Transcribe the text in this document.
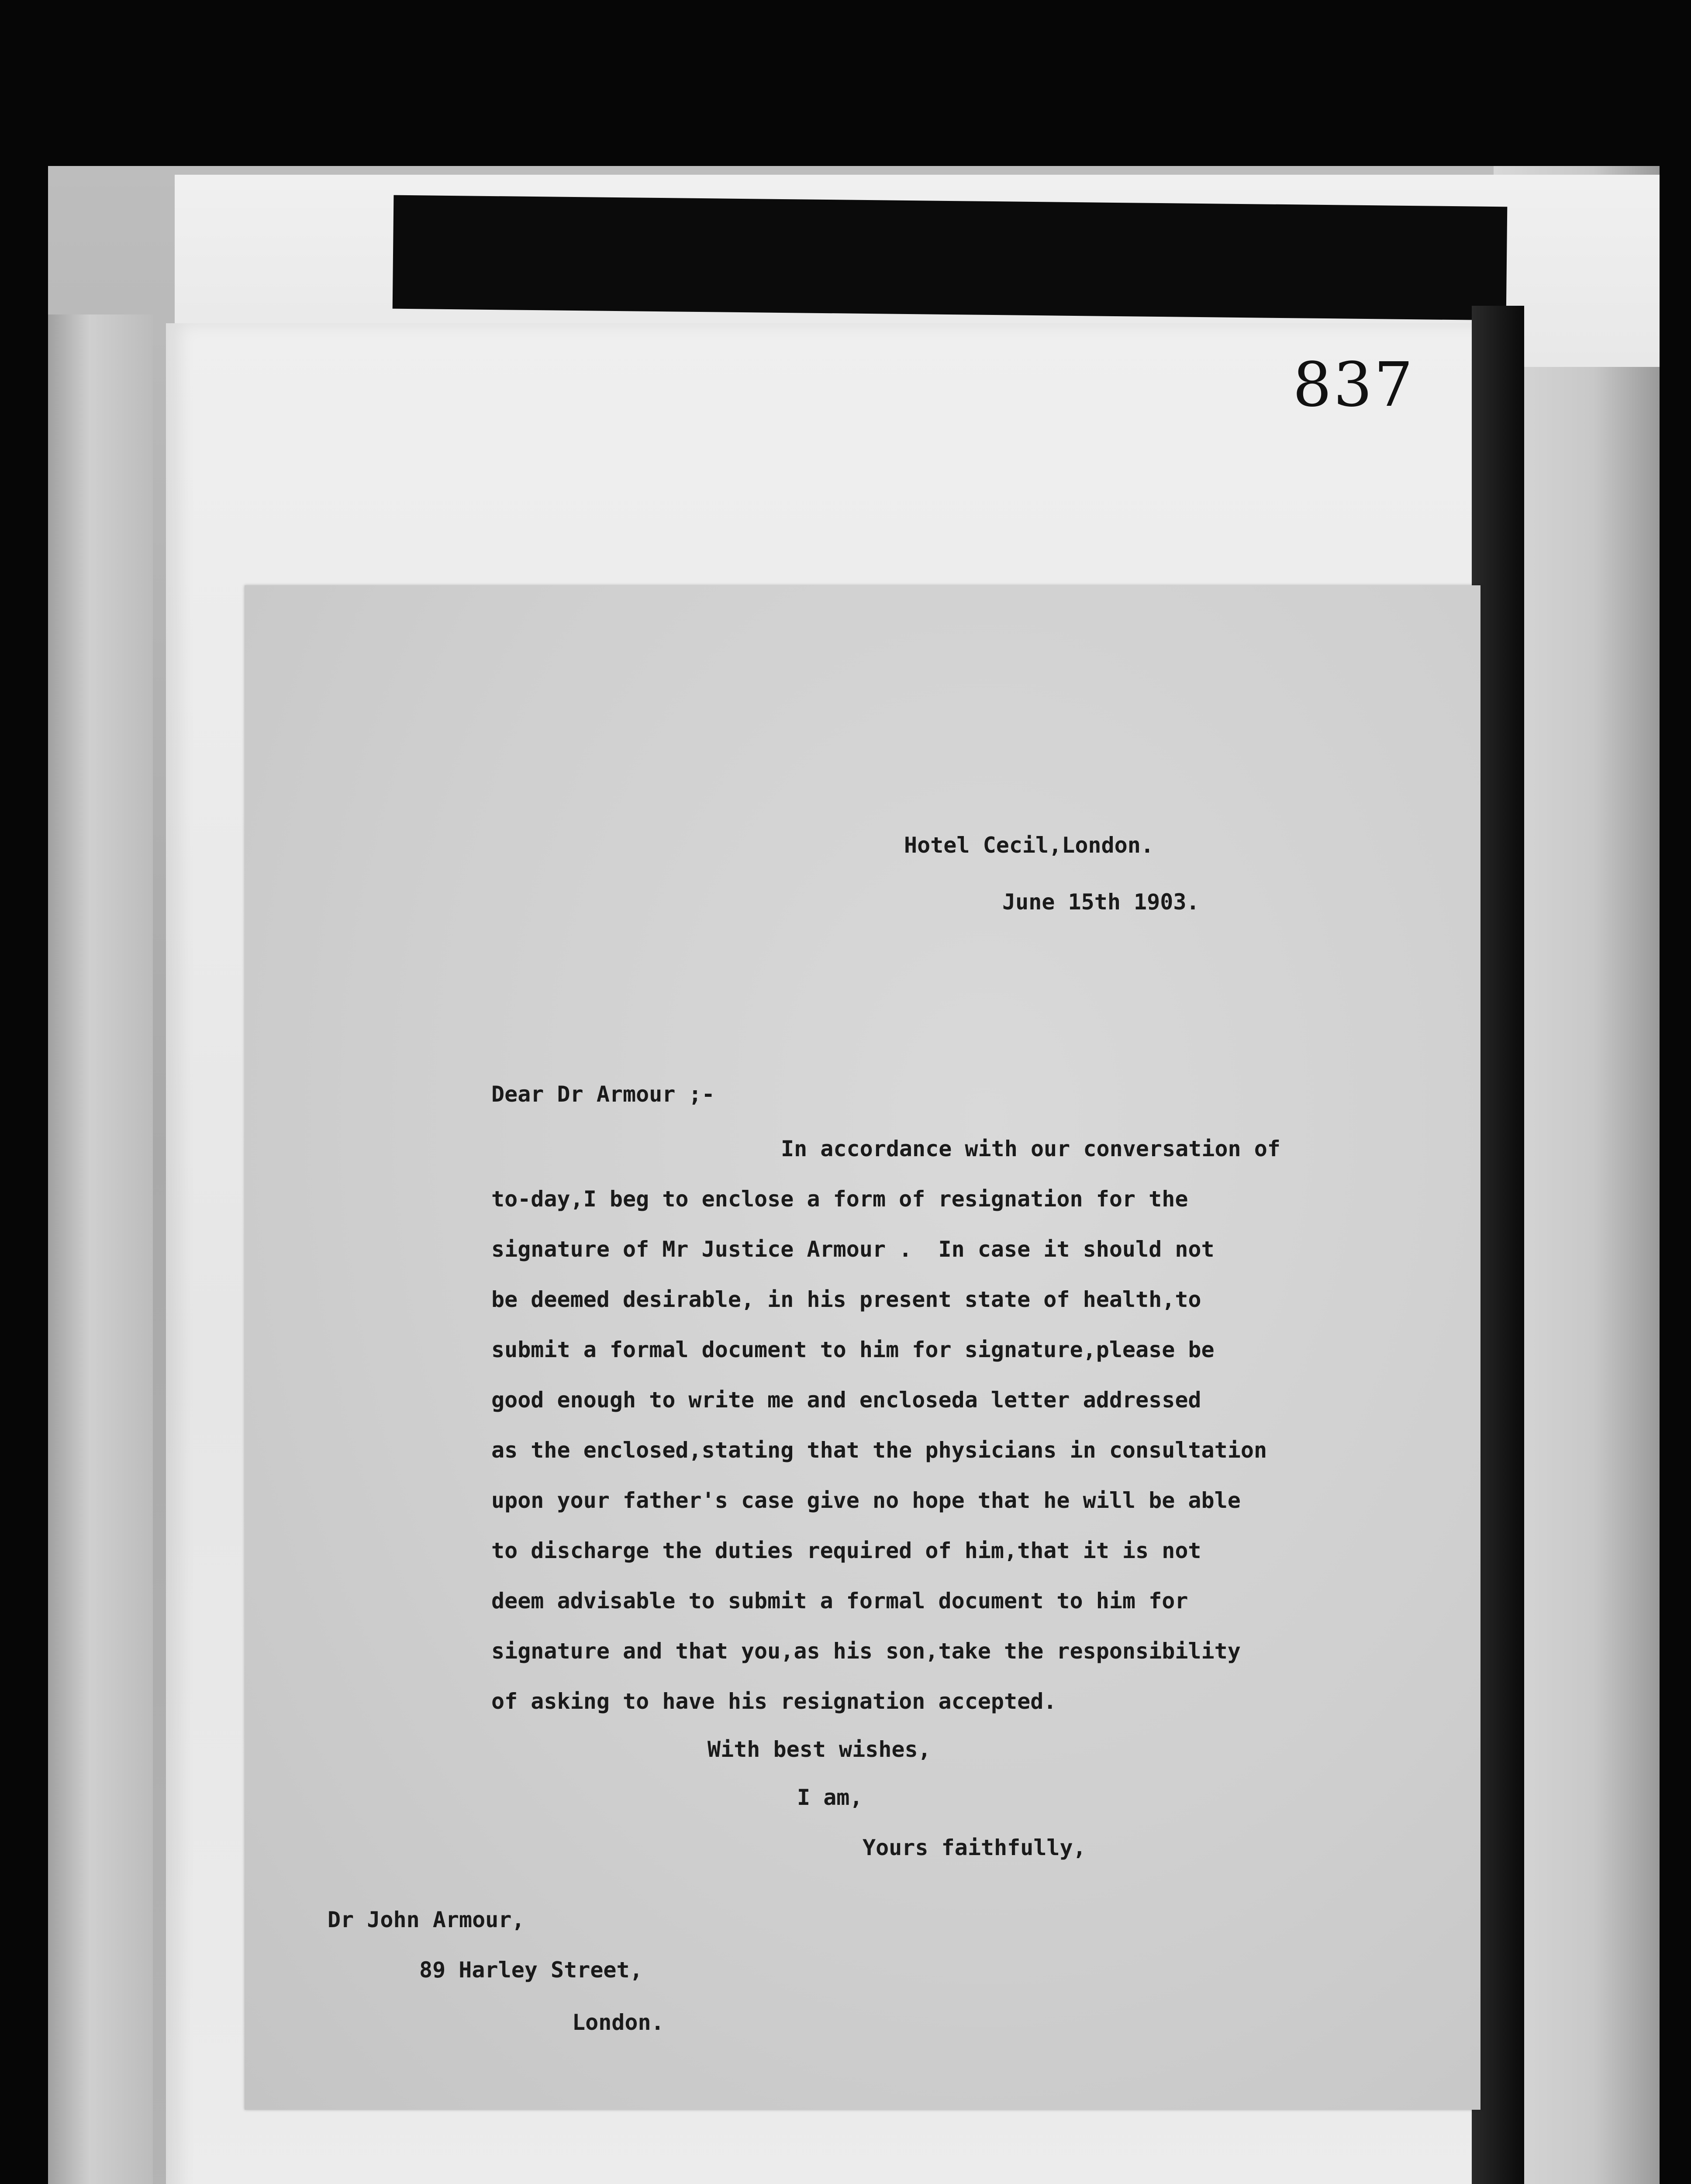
837
Hotel Cecil,London.
June 15th 1903.
Dear Dr Armour ;-
In accordance with our conversation of
to-day,I beg to enclose a form of resignation for the
signature of Mr Justice Armour .  In case it should not
be deemed desirable, in his present state of health,to
submit a formal document to him for signature,please be
good enough to write me and encloseda letter addressed
as the enclosed,stating that the physicians in consultation
upon your father's case give no hope that he will be able
to discharge the duties required of him,that it is not
deem advisable to submit a formal document to him for
signature and that you,as his son,take the responsibility
of asking to have his resignation accepted.
With best wishes,
I am,
Yours faithfully,
Dr John Armour,
89 Harley Street,
London.
